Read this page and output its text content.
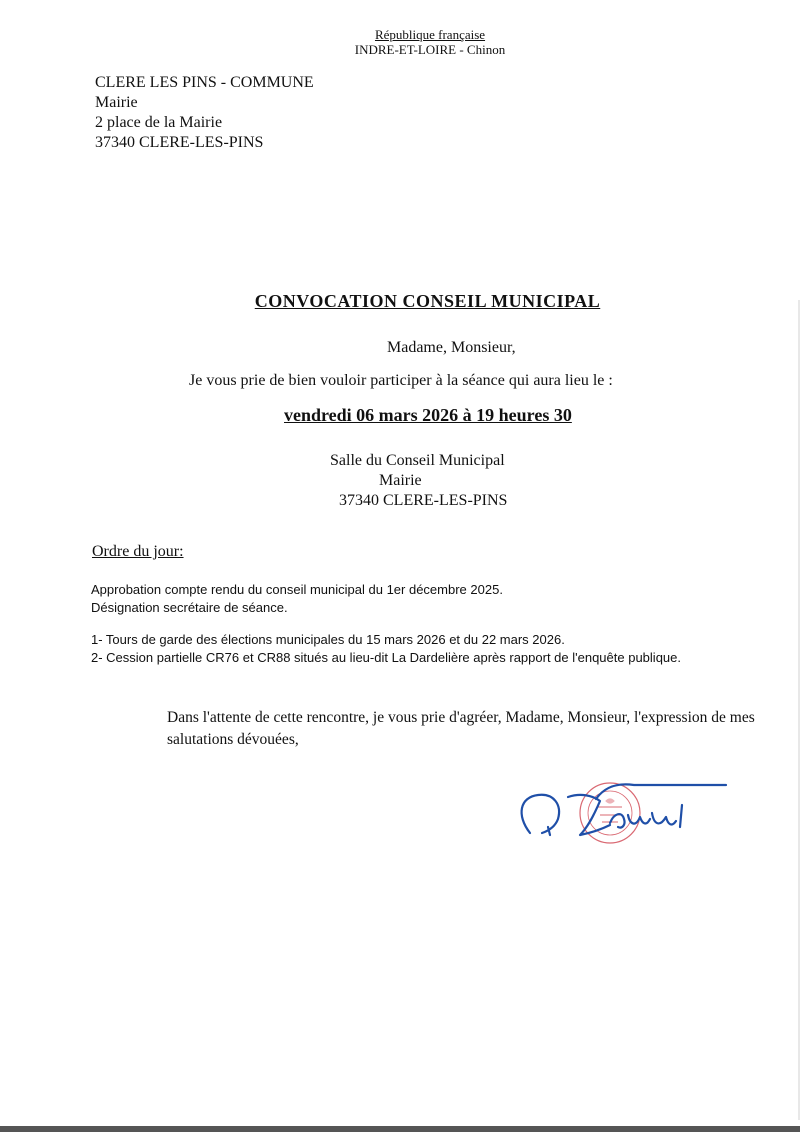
République française
INDRE-ET-LOIRE - Chinon
CLERE LES PINS - COMMUNE
Mairie
2 place de la Mairie
37340 CLERE-LES-PINS
CONVOCATION CONSEIL MUNICIPAL
Madame, Monsieur,
Je vous prie de bien vouloir participer à la séance qui aura lieu le :
vendredi 06 mars 2026 à 19 heures 30
Salle du Conseil Municipal
Mairie
37340 CLERE-LES-PINS
Ordre du jour:
Approbation compte rendu du conseil municipal du 1er décembre 2025.
Désignation secrétaire de séance.
1- Tours de garde des élections municipales du 15 mars 2026 et du 22 mars 2026.
2- Cession partielle CR76 et CR88 situés au lieu-dit La Dardelière après rapport de l'enquête publique.
Dans l'attente de cette rencontre, je vous prie d'agréer, Madame, Monsieur, l'expression de mes salutations dévouées,
